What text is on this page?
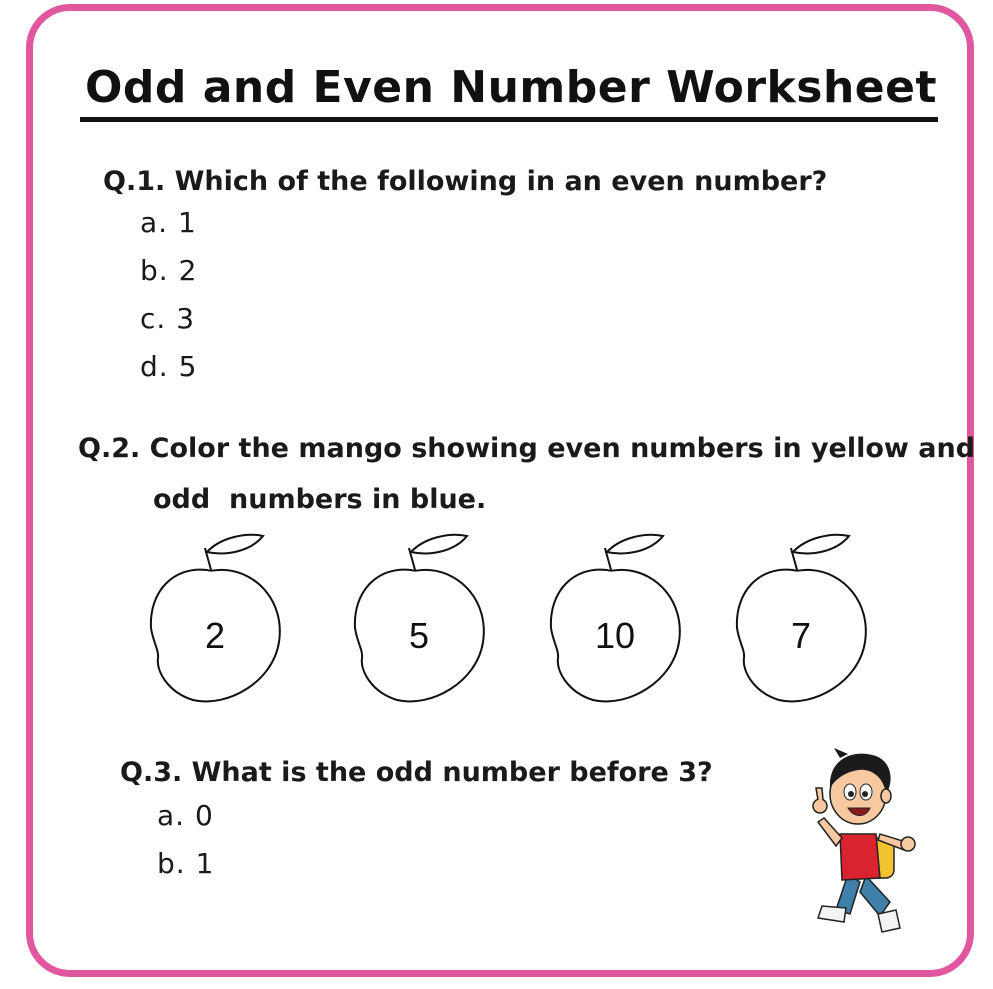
Odd and Even Number Worksheet
Q.1. Which of the following in an even number?
a. 1
b. 2
c. 3
d. 5
Q.2. Color the mango showing even numbers in yellow and
odd  numbers in blue.
2	5	10	7
Q.3. What is the odd number before 3?
a. 0
b. 1
